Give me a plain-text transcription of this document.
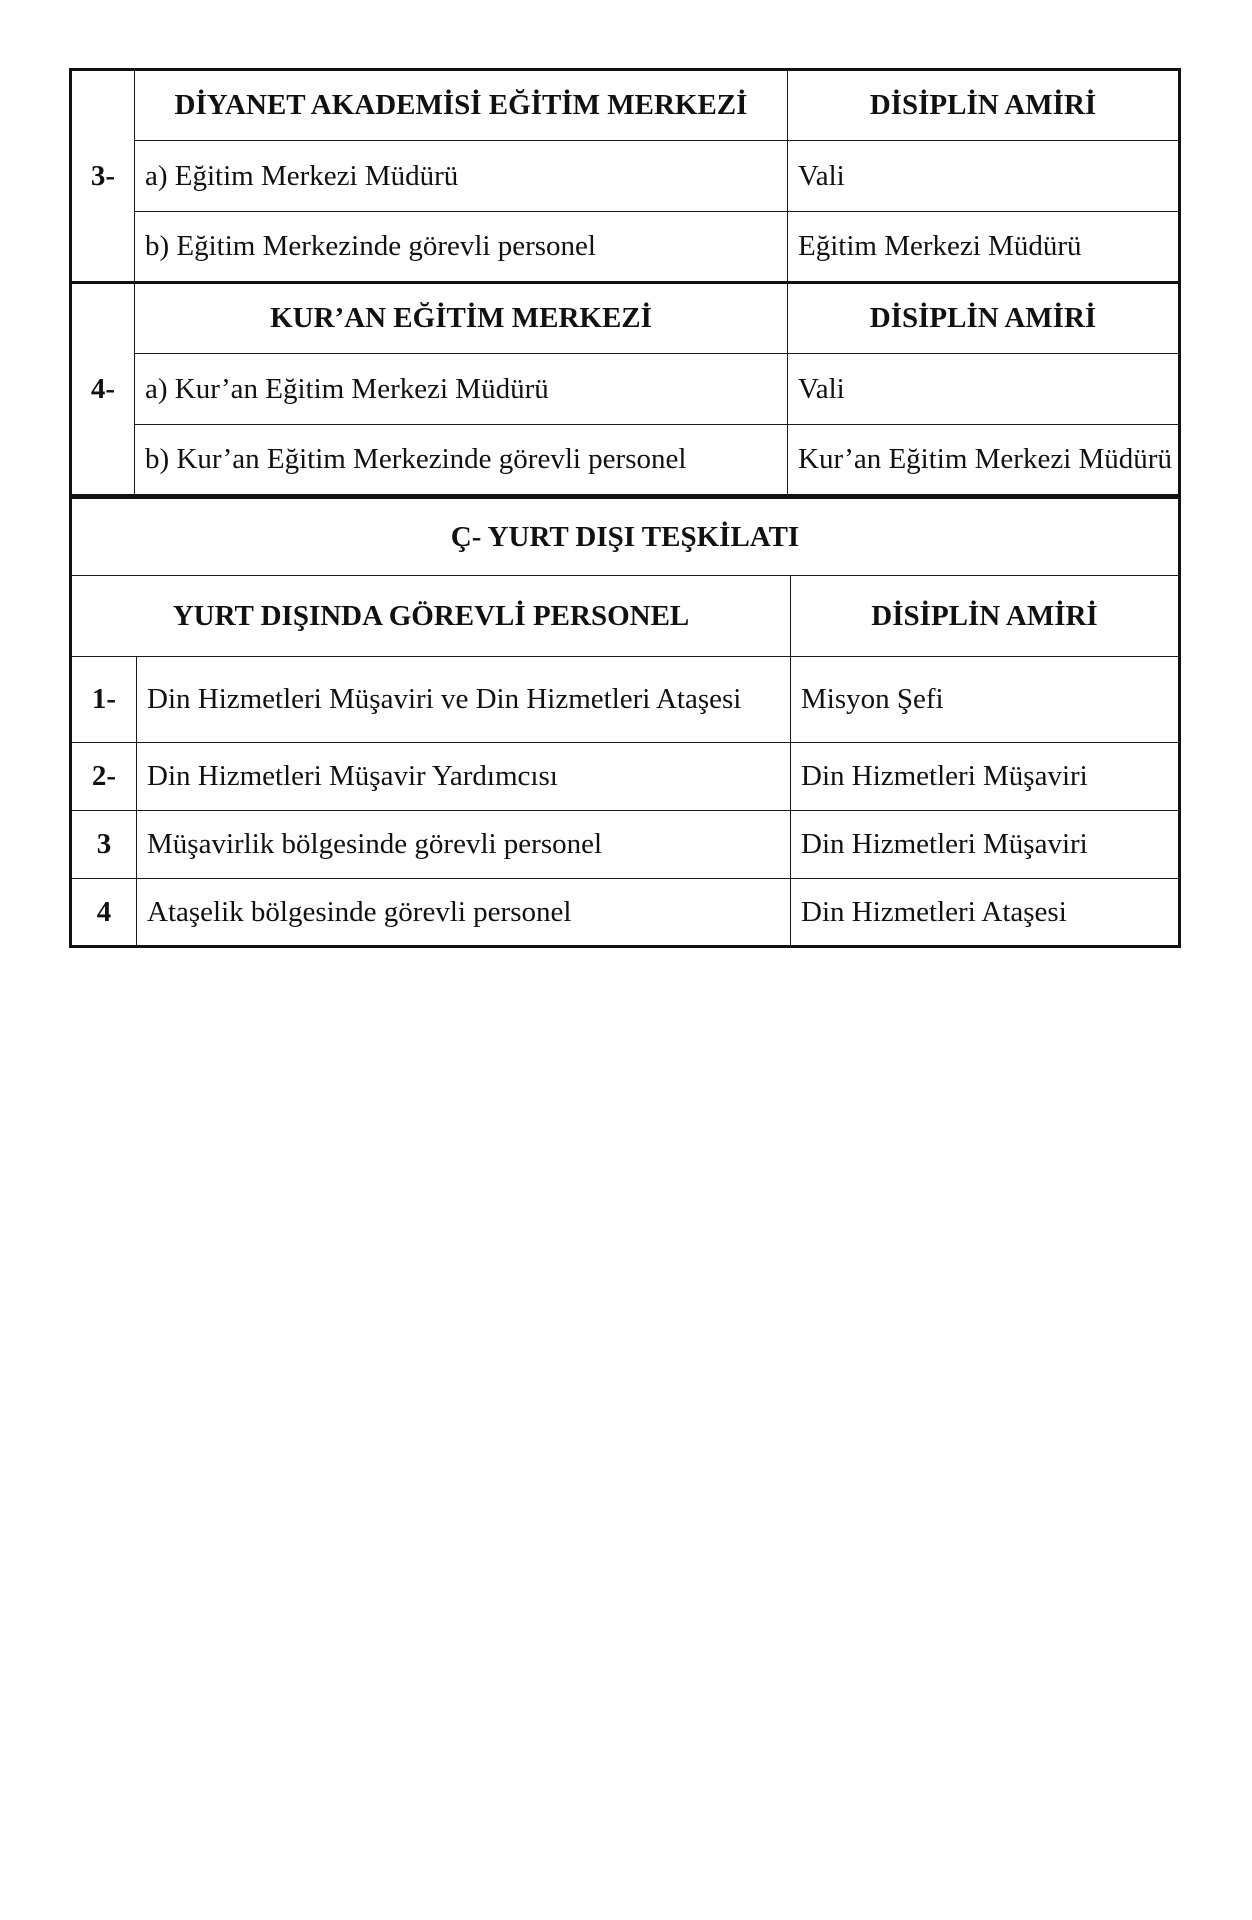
3-	DİYANET AKADEMİSİ EĞİTİM MERKEZİ	DİSİPLİN AMİRİ
	a) Eğitim Merkezi Müdürü	Vali
	b) Eğitim Merkezinde görevli personel	Eğitim Merkezi Müdürü
4-	KUR’AN EĞİTİM MERKEZİ	DİSİPLİN AMİRİ
	a) Kur’an Eğitim Merkezi Müdürü	Vali
	b) Kur’an Eğitim Merkezinde görevli personel	Kur’an Eğitim Merkezi Müdürü
Ç- YURT DIŞI TEŞKİLATI		
YURT DIŞINDA GÖREVLİ PERSONEL		DİSİPLİN AMİRİ
1-	Din Hizmetleri Müşaviri ve Din Hizmetleri Ataşesi	Misyon Şefi
2-	Din Hizmetleri Müşavir Yardımcısı	Din Hizmetleri Müşaviri
3	Müşavirlik bölgesinde görevli personel	Din Hizmetleri Müşaviri
4	Ataşelik bölgesinde görevli personel	Din Hizmetleri Ataşesi
